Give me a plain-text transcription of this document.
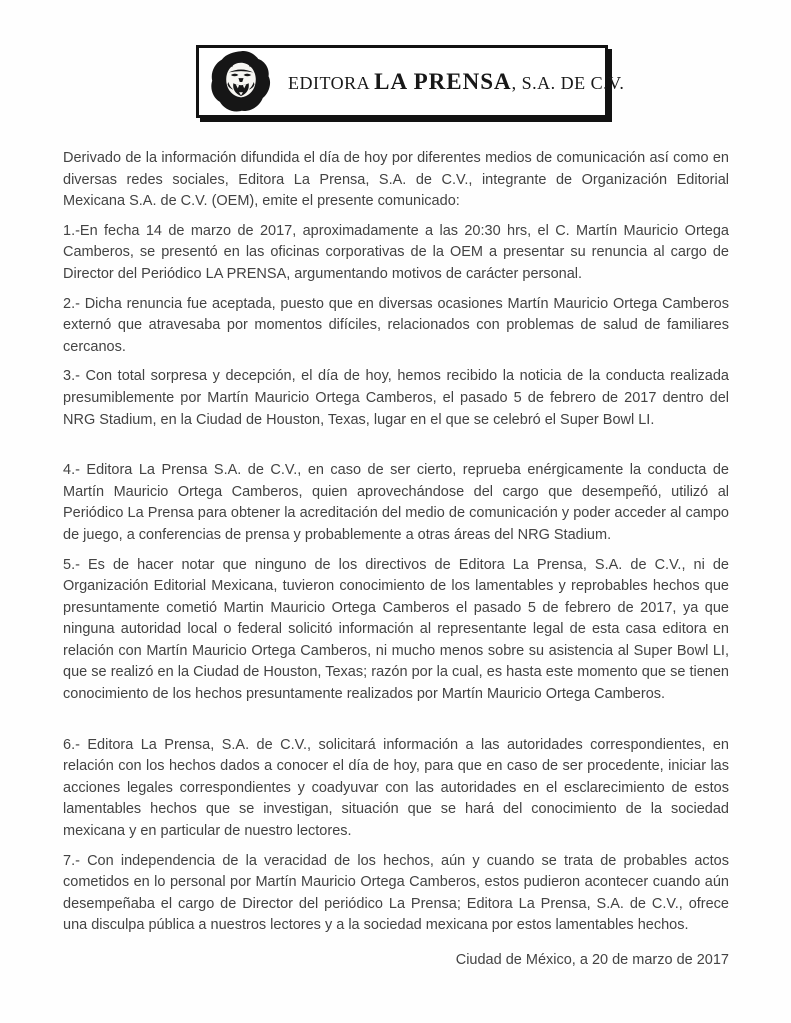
EDITORA LA PRENSA, S.A. DE C.V.

Derivado de la información difundida el día de hoy por diferentes medios de comunicación así como en diversas redes sociales, Editora La Prensa, S.A. de C.V., integrante de Organización Editorial Mexicana S.A. de C.V. (OEM), emite el presente comunicado:

1.-En fecha 14 de marzo de 2017, aproximadamente a las 20:30 hrs, el C. Martín Mauricio Ortega Camberos, se presentó en las oficinas corporativas de la OEM a presentar su renuncia al cargo de Director del Periódico LA PRENSA, argumentando motivos de carácter personal.

2.- Dicha renuncia fue aceptada, puesto que en diversas ocasiones Martín Mauricio Ortega Camberos externó que atravesaba por momentos difíciles, relacionados con problemas de salud de familiares cercanos.

3.- Con total sorpresa y decepción, el día de hoy, hemos recibido la noticia de la conducta realizada presumiblemente por Martín Mauricio Ortega Camberos, el pasado 5 de febrero de 2017 dentro del NRG Stadium, en la Ciudad de Houston, Texas, lugar en el que se celebró el Super Bowl LI.

4.- Editora La Prensa S.A. de C.V., en caso de ser cierto, reprueba enérgicamente la conducta de Martín Mauricio Ortega Camberos, quien aprovechándose del cargo que desempeñó, utilizó al Periódico La Prensa para obtener la acreditación del medio de comunicación y poder acceder al campo de juego, a conferencias de prensa y probablemente a otras áreas del NRG Stadium.

5.- Es de hacer notar que ninguno de los directivos de Editora La Prensa, S.A. de C.V., ni de Organización Editorial Mexicana, tuvieron conocimiento de los lamentables y reprobables hechos que presuntamente cometió Martin Mauricio Ortega Camberos el pasado 5 de febrero de 2017, ya que ninguna autoridad local o federal solicitó información al representante legal de esta casa editora en relación con Martín Mauricio Ortega Camberos, ni mucho menos sobre su asistencia al Super Bowl LI, que se realizó en la Ciudad de Houston, Texas; razón por la cual, es hasta este momento que se tienen conocimiento de los hechos presuntamente realizados por Martín Mauricio Ortega Camberos.

6.- Editora La Prensa, S.A. de C.V., solicitará información a las autoridades correspondientes, en relación con los hechos dados a conocer el día de hoy, para que en caso de ser procedente, iniciar las acciones legales correspondientes y coadyuvar con las autoridades en el esclarecimiento de estos lamentables hechos que se investigan, situación que se hará del conocimiento de la sociedad mexicana y en particular de nuestro lectores.

7.- Con independencia de la veracidad de los hechos, aún y cuando se trata de probables actos cometidos en lo personal por Martín Mauricio Ortega Camberos, estos pudieron acontecer cuando aún desempeñaba el cargo de Director del periódico La Prensa; Editora La Prensa, S.A. de C.V., ofrece una disculpa pública a nuestros lectores y a la sociedad mexicana por estos lamentables hechos.

Ciudad de México, a 20 de marzo de 2017
